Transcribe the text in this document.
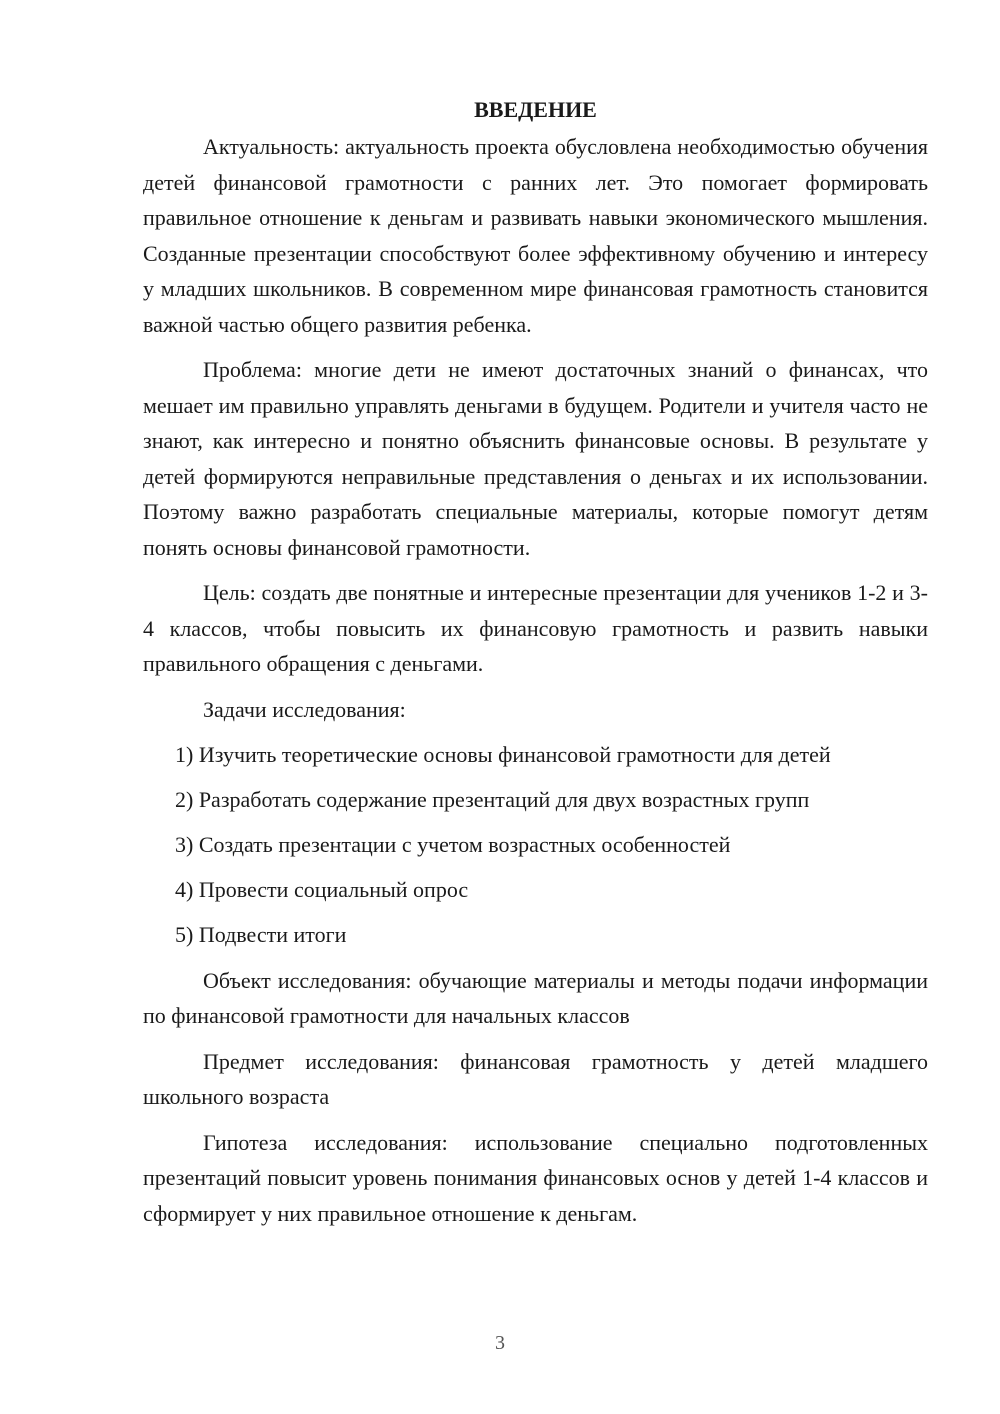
ВВЕДЕНИЕ

Актуальность: актуальность проекта обусловлена необходимостью обучения детей финансовой грамотности с ранних лет. Это помогает формировать правильное отношение к деньгам и развивать навыки экономического мышления. Созданные презентации способствуют более эффективному обучению и интересу у младших школьников. В современном мире финансовая грамотность становится важной частью общего развития ребенка.

Проблема: многие дети не имеют достаточных знаний о финансах, что мешает им правильно управлять деньгами в будущем. Родители и учителя часто не знают, как интересно и понятно объяснить финансовые основы. В результате у детей формируются неправильные представления о деньгах и их использовании. Поэтому важно разработать специальные материалы, которые помогут детям понять основы финансовой грамотности.

Цель: создать две понятные и интересные презентации для учеников 1-2 и 3-4 классов, чтобы повысить их финансовую грамотность и развить навыки правильного обращения с деньгами.

Задачи исследования:

1) Изучить теоретические основы финансовой грамотности для детей
2) Разработать содержание презентаций для двух возрастных групп
3) Создать презентации с учетом возрастных особенностей
4) Провести социальный опрос
5) Подвести итоги

Объект исследования: обучающие материалы и методы подачи информации по финансовой грамотности для начальных классов

Предмет исследования: финансовая грамотность у детей младшего школьного возраста

Гипотеза исследования: использование специально подготовленных презентаций повысит уровень понимания финансовых основ у детей 1-4 классов и сформирует у них правильное отношение к деньгам.

3
